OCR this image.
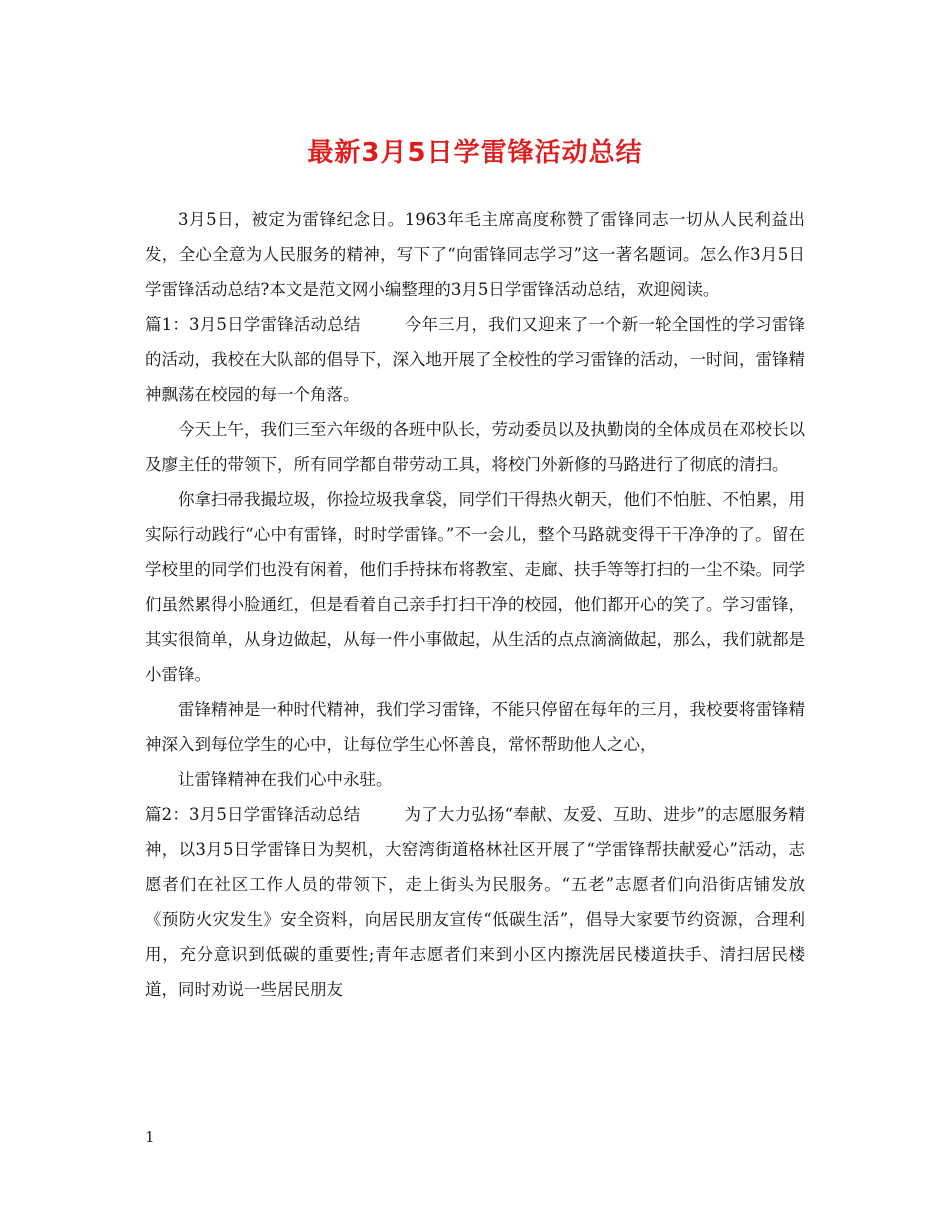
最新3月5日学雷锋活动总结

3月5日，被定为雷锋纪念日。1963年毛主席高度称赞了雷锋同志一切从人民利益出发，全心全意为人民服务的精神，写下了“向雷锋同志学习”这一著名题词。怎么作3月5日学雷锋活动总结?本文是范文网小编整理的3月5日学雷锋活动总结，欢迎阅读。

篇1：3月5日学雷锋活动总结	今年三月，我们又迎来了一个新一轮全国性的学习雷锋的活动，我校在大队部的倡导下，深入地开展了全校性的学习雷锋的活动，一时间，雷锋精神飘荡在校园的每一个角落。

今天上午，我们三至六年级的各班中队长，劳动委员以及执勤岗的全体成员在邓校长以及廖主任的带领下，所有同学都自带劳动工具，将校门外新修的马路进行了彻底的清扫。

你拿扫帚我撮垃圾，你捡垃圾我拿袋，同学们干得热火朝天，他们不怕脏、不怕累，用实际行动践行“心中有雷锋，时时学雷锋。”不一会儿，整个马路就变得干干净净的了。留在学校里的同学们也没有闲着，他们手持抹布将教室、走廊、扶手等等打扫的一尘不染。同学们虽然累得小脸通红，但是看着自己亲手打扫干净的校园，他们都开心的笑了。学习雷锋，其实很简单，从身边做起，从每一件小事做起，从生活的点点滴滴做起，那么，我们就都是小雷锋。

雷锋精神是一种时代精神，我们学习雷锋，不能只停留在每年的三月，我校要将雷锋精神深入到每位学生的心中，让每位学生心怀善良，常怀帮助他人之心，

让雷锋精神在我们心中永驻。

篇2：3月5日学雷锋活动总结	为了大力弘扬“奉献、友爱、互助、进步”的志愿服务精神，以3月5日学雷锋日为契机，大窑湾街道格林社区开展了“学雷锋帮扶献爱心”活动，志愿者们在社区工作人员的带领下，走上街头为民服务。“五老”志愿者们向沿街店铺发放《预防火灾发生》安全资料，向居民朋友宣传“低碳生活”，倡导大家要节约资源，合理利用，充分意识到低碳的重要性;青年志愿者们来到小区内擦洗居民楼道扶手、清扫居民楼道，同时劝说一些居民朋友

1
